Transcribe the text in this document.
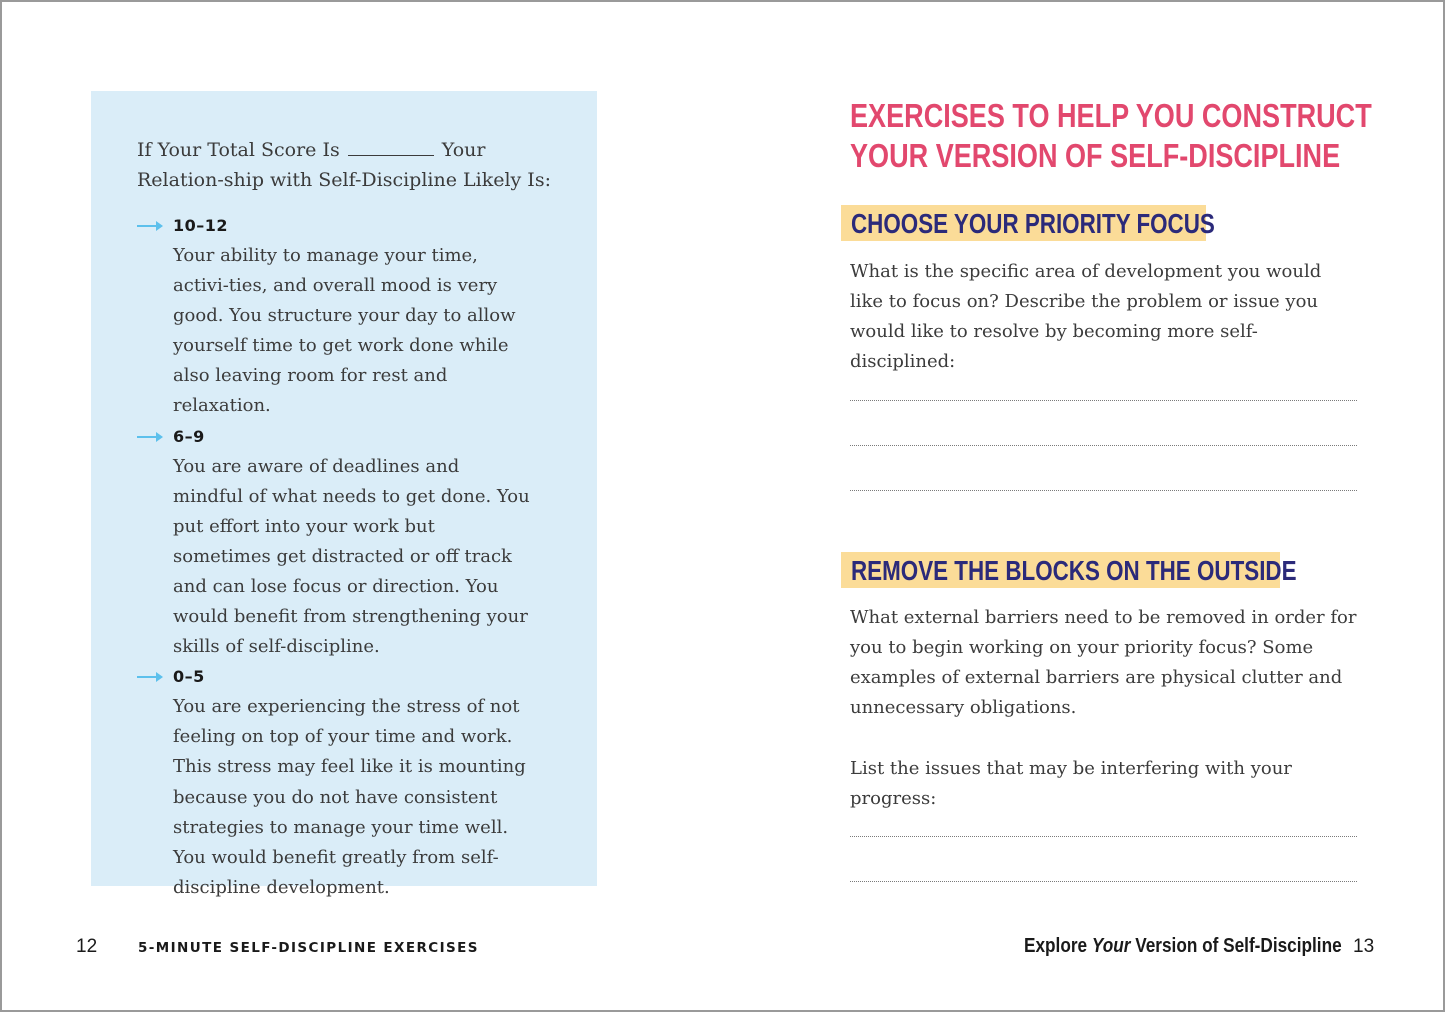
If Your Total Score Is	Your Relation-ship with Self-Discipline Likely Is:

10–12

Your ability to manage your time, activi-ties, and overall mood is very good. You structure your day to allow yourself time to get work done while also leaving room for rest and relaxation.

6–9

You are aware of deadlines and mindful of what needs to get done. You put effort into your work but sometimes get distracted or off track and can lose focus or direction. You would benefit from strengthening your skills of self-discipline.

0–5

You are experiencing the stress of not feeling on top of your time and work. This stress may feel like it is mounting because you do not have consistent strategies to manage your time well. You would benefit greatly from self-discipline development.

12	5-MINUTE SELF-DISCIPLINE EXERCISES
EXERCISES TO HELP YOU CONSTRUCT
YOUR VERSION OF SELF-DISCIPLINE
CHOOSE YOUR PRIORITY FOCUS

What is the specific area of development you would like to focus on? Describe the problem or issue you would like to resolve by becoming more self-disciplined:

REMOVE THE BLOCKS ON THE OUTSIDE

What external barriers need to be removed in order for you to begin working on your priority focus? Some examples of external barriers are physical clutter and unnecessary obligations.

List the issues that may be interfering with your progress:

Explore Your Version of Self-Discipline 13
